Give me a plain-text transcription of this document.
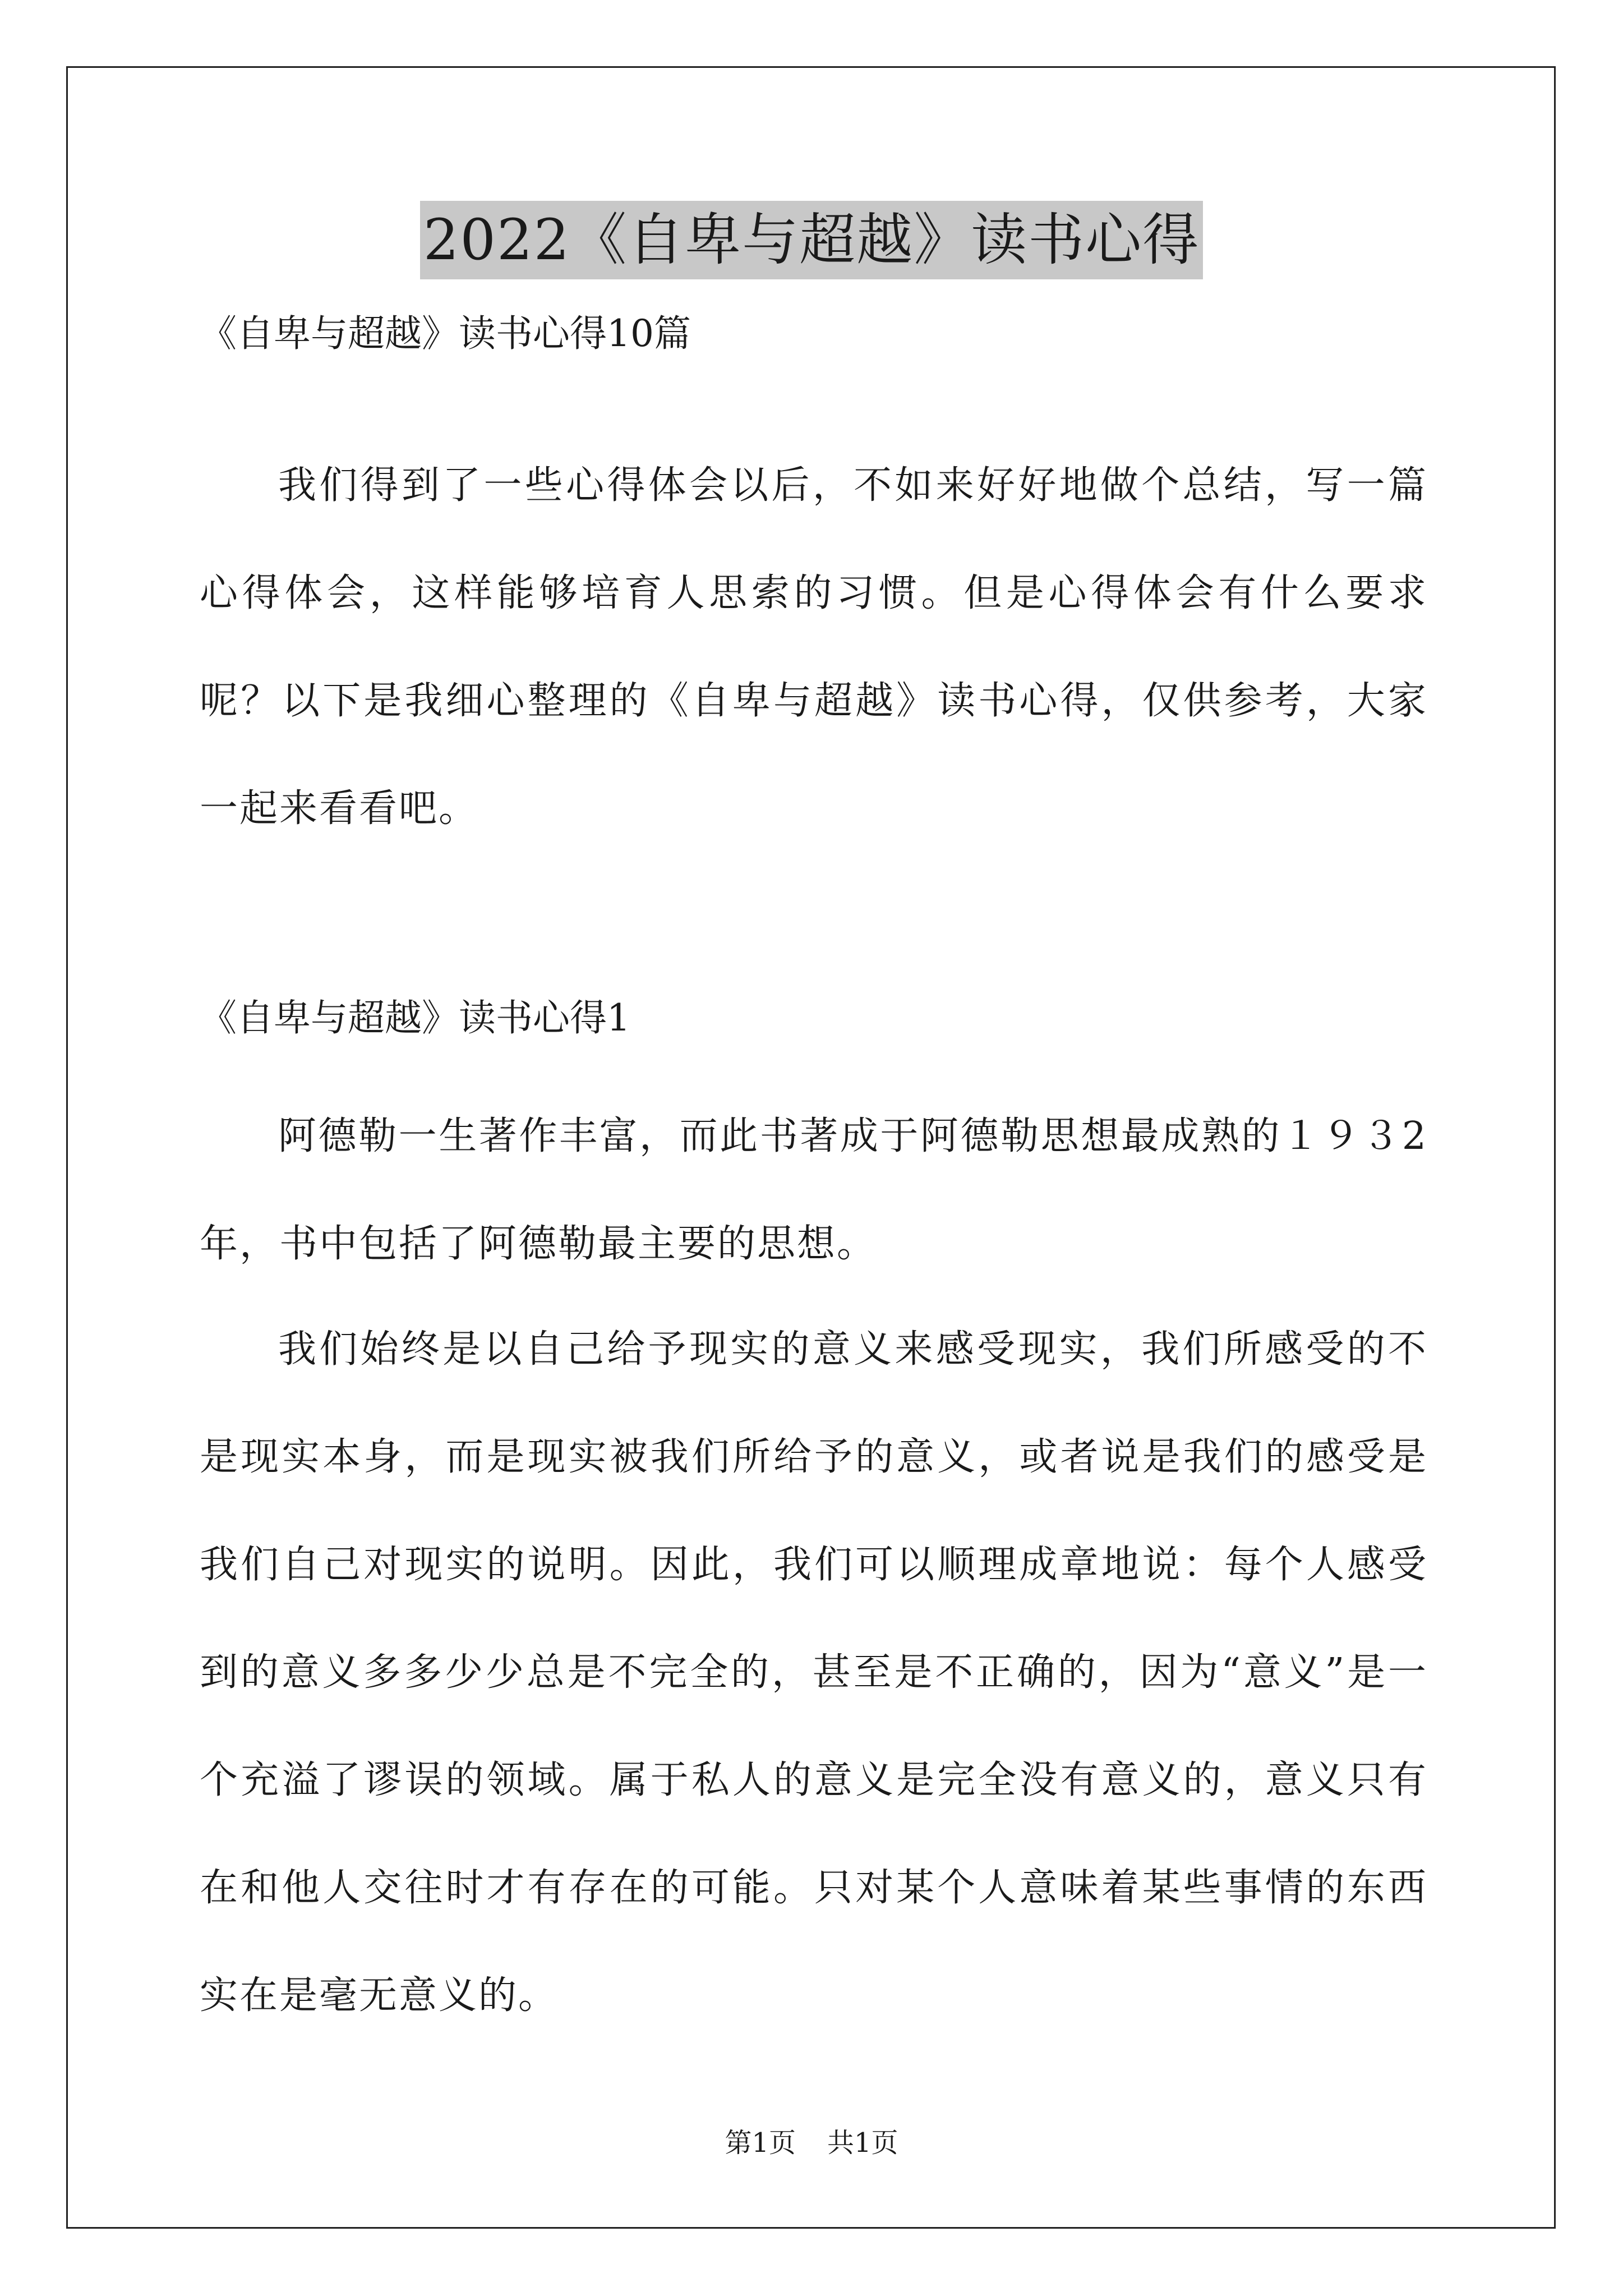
2022《自卑与超越》读书心得
《自卑与超越》读书心得10篇
我们得到了一些心得体会以后，不如来好好地做个总结，写一篇心得体会，这样能够培育人思索的习惯。但是心得体会有什么要求呢？以下是我细心整理的《自卑与超越》读书心得，仅供参考，大家一起来看看吧。
《自卑与超越》读书心得1
阿德勒一生著作丰富，而此书著成于阿德勒思想最成熟的１９３2年，书中包括了阿德勒最主要的思想。
我们始终是以自己给予现实的意义来感受现实，我们所感受的不是现实本身，而是现实被我们所给予的意义，或者说是我们的感受是我们自己对现实的说明。因此，我们可以顺理成章地说：每个人感受到的意义多多少少总是不完全的，甚至是不正确的，因为“意义”是一个充溢了谬误的领域。属于私人的意义是完全没有意义的，意义只有在和他人交往时才有存在的可能。只对某个人意味着某些事情的东西实在是毫无意义的。
第1页 共1页
